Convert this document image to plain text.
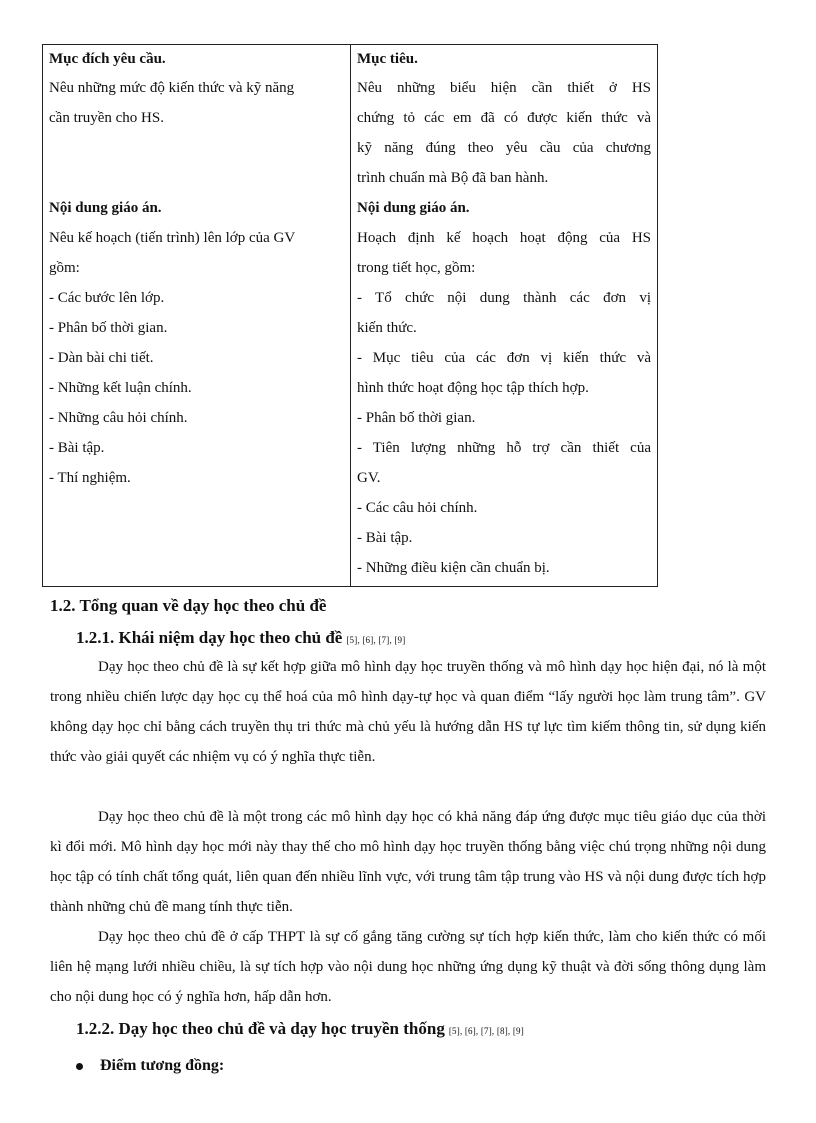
Mục đích yêu cầu.
Nêu những mức độ kiến thức và kỹ năng
cần truyền cho HS.
Nội dung giáo án.
Nêu kế hoạch (tiến trình) lên lớp của GV
gồm:
- Các bước lên lớp.
- Phân bố thời gian.
- Dàn bài chi tiết.
- Những kết luận chính.
- Những câu hỏi chính.
- Bài tập.
- Thí nghiệm.
Mục tiêu.
Nêu những biểu hiện cần thiết ở HS
chứng tỏ các em đã có được kiến thức và
kỹ năng đúng theo yêu cầu của chương
trình chuẩn mà Bộ đã ban hành.
Nội dung giáo án.
Hoạch định kế hoạch hoạt động của HS
trong tiết học, gồm:
- Tổ chức nội dung thành các đơn vị
kiến thức.
- Mục tiêu của các đơn vị kiến thức và
hình thức hoạt động học tập thích hợp.
- Phân bố thời gian.
- Tiên lượng những hỗ trợ cần thiết của
GV.
- Các câu hỏi chính.
- Bài tập.
- Những điều kiện cần chuẩn bị.
1.2. Tổng quan về dạy học theo chủ đề
1.2.1. Khái niệm dạy học theo chủ đề [5], [6], [7], [9]
Dạy học theo chủ đề là sự kết hợp giữa mô hình dạy học truyền thống và mô hình dạy học hiện đại, nó là một trong nhiều chiến lược dạy học cụ thể hoá của mô hình dạy-tự học và quan điểm “lấy người học làm trung tâm”. GV không dạy học chỉ bằng cách truyền thụ tri thức mà chủ yếu là hướng dẫn HS tự lực tìm kiếm thông tin, sử dụng kiến thức vào giải quyết các nhiệm vụ có ý nghĩa thực tiễn.
Dạy học theo chủ đề là một trong các mô hình dạy học có khả năng đáp ứng được mục tiêu giáo dục của thời kì đổi mới. Mô hình dạy học mới này thay thế cho mô hình dạy học truyền thống bằng việc chú trọng những nội dung học tập có tính chất tổng quát, liên quan đến nhiều lĩnh vực, với trung tâm tập trung vào HS và nội dung được tích hợp thành những chủ đề mang tính thực tiễn.
Dạy học theo chủ đề ở cấp THPT là sự cố gắng tăng cường sự tích hợp kiến thức, làm cho kiến thức có mối liên hệ mạng lưới nhiều chiều, là sự tích hợp vào nội dung học những ứng dụng kỹ thuật và đời sống thông dụng làm cho nội dung học có ý nghĩa hơn, hấp dẫn hơn.
1.2.2. Dạy học theo chủ đề và dạy học truyền thống [5], [6], [7], [8], [9]
Điểm tương đồng:
